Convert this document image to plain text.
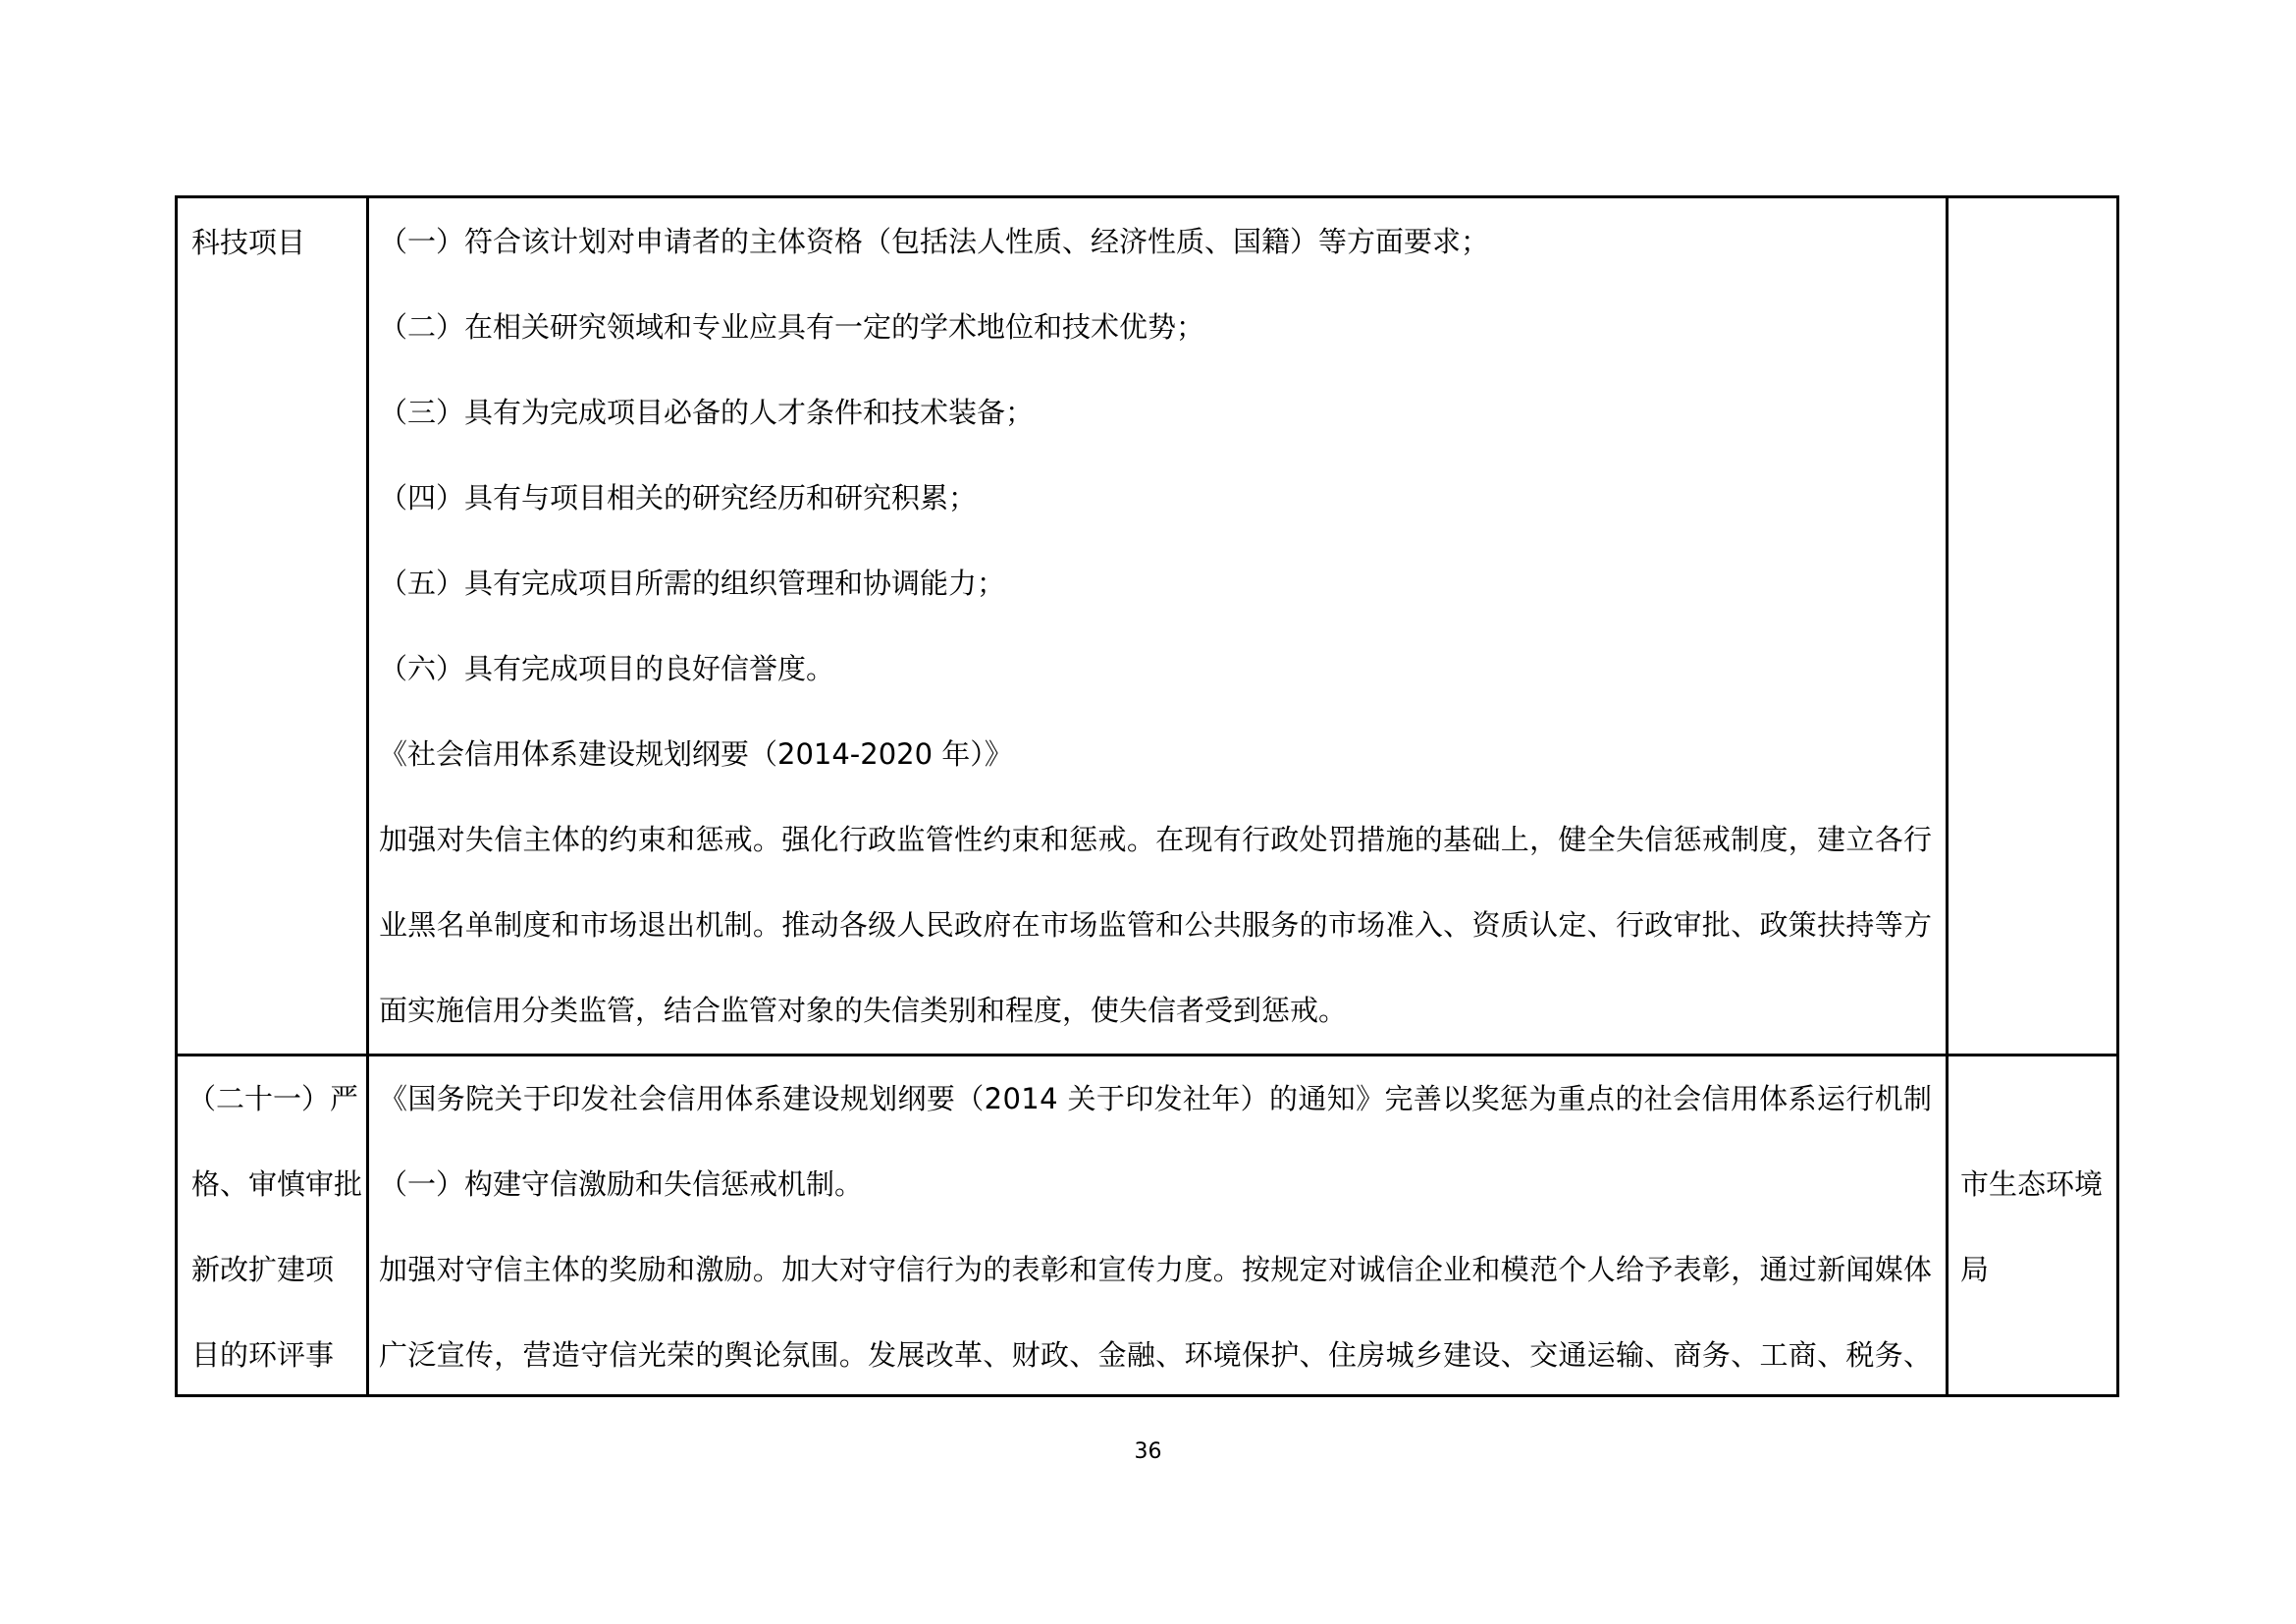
科技项目	（一）符合该计划对申请者的主体资格（包括法人性质、经济性质、国籍）等方面要求；
（二）在相关研究领域和专业应具有一定的学术地位和技术优势；
（三）具有为完成项目必备的人才条件和技术装备；
（四）具有与项目相关的研究经历和研究积累；
（五）具有完成项目所需的组织管理和协调能力；
（六）具有完成项目的良好信誉度。
《社会信用体系建设规划纲要（2014-2020 年）》
加强对失信主体的约束和惩戒。强化行政监管性约束和惩戒。在现有行政处罚措施的基础上，健全失信惩戒制度，建立各行
业黑名单制度和市场退出机制。推动各级人民政府在市场监管和公共服务的市场准入、资质认定、行政审批、政策扶持等方
面实施信用分类监管，结合监管对象的失信类别和程度，使失信者受到惩戒。
（二十一）严
格、审慎审批
新改扩建项
目的环评事
《国务院关于印发社会信用体系建设规划纲要（2014 关于印发社年）的通知》完善以奖惩为重点的社会信用体系运行机制
（一）构建守信激励和失信惩戒机制。
加强对守信主体的奖励和激励。加大对守信行为的表彰和宣传力度。按规定对诚信企业和模范个人给予表彰，通过新闻媒体
广泛宣传，营造守信光荣的舆论氛围。发展改革、财政、金融、环境保护、住房城乡建设、交通运输、商务、工商、税务、
市生态环境
局
36
